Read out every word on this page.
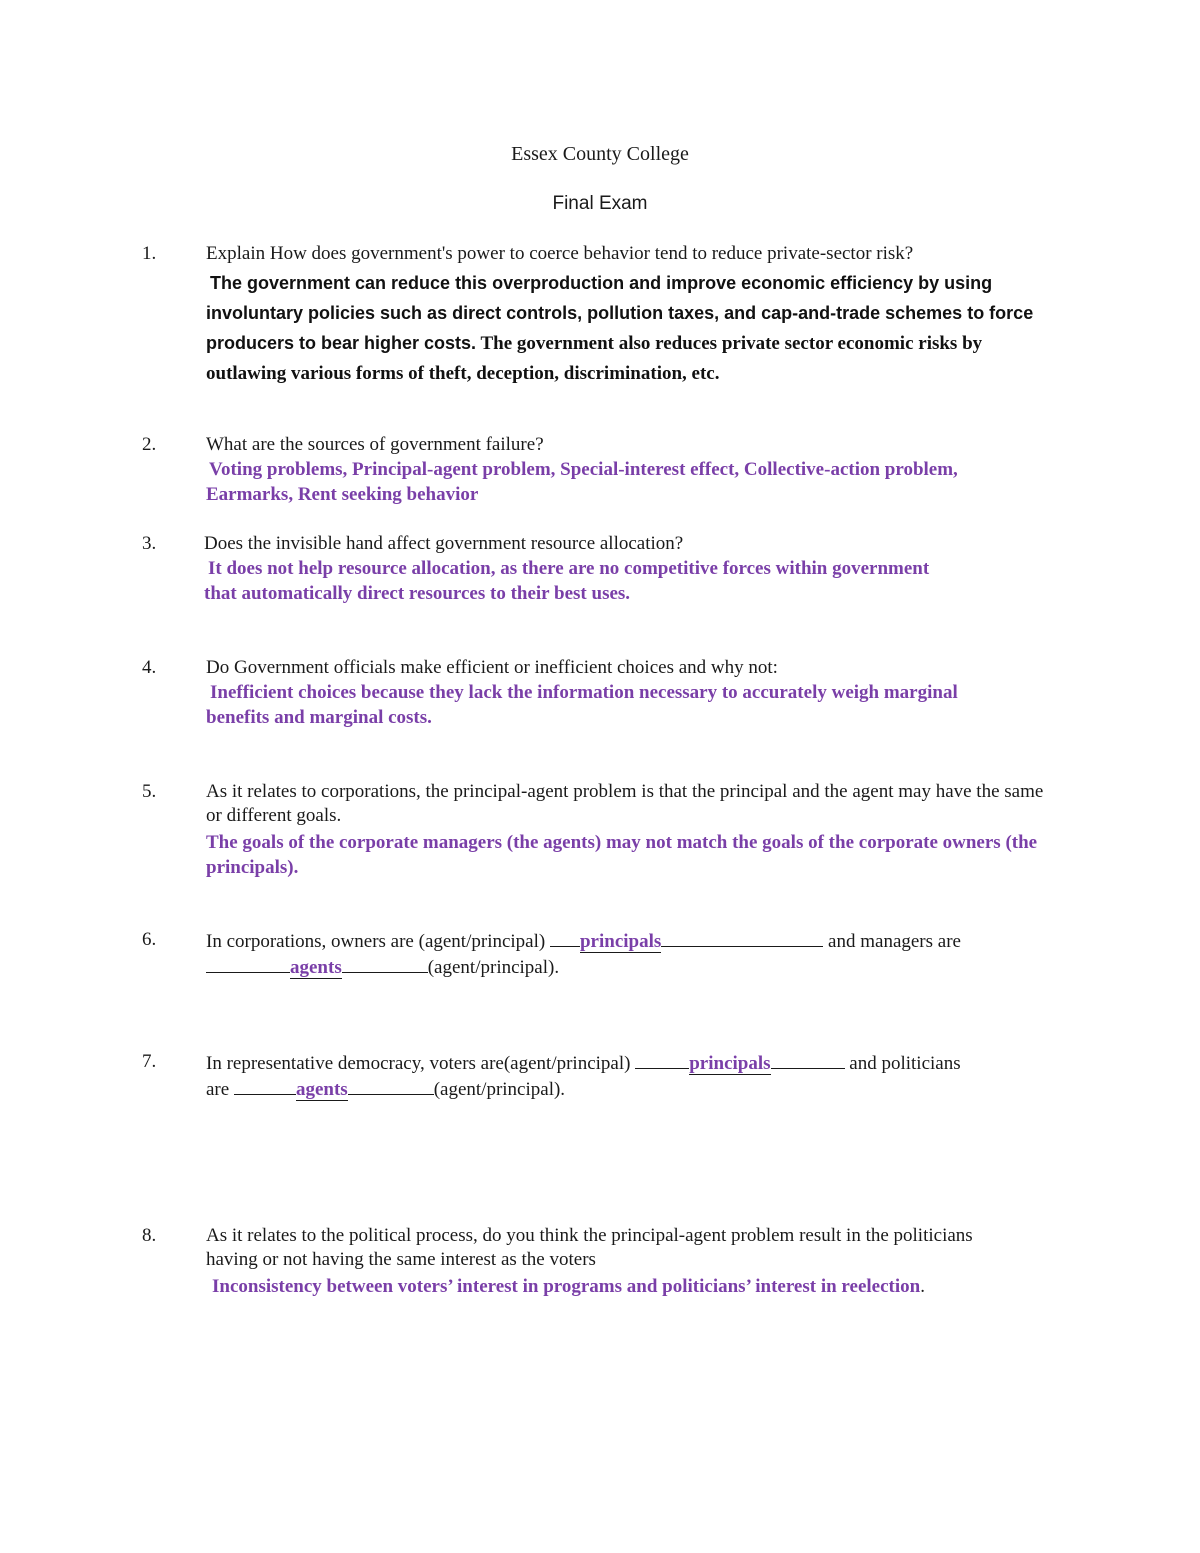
Essex County College
Final Exam
1.	Explain How does government's power to coerce behavior tend to reduce private-sector risk?
The government can reduce this overproduction and improve economic efficiency by using
involuntary policies such as direct controls, pollution taxes, and cap-and-trade schemes to force
producers to bear higher costs. The government also reduces private sector economic risks by
outlawing various forms of theft, deception, discrimination, etc.
2.	What are the sources of government failure?
Voting problems, Principal-agent problem, Special-interest effect, Collective-action problem, Earmarks, Rent seeking behavior
3.	Does the invisible hand affect government resource allocation?
It does not help resource allocation, as there are no competitive forces within government that automatically direct resources to their best uses.
4.	Do Government officials make efficient or inefficient choices and why not:
Inefficient choices because they lack the information necessary to accurately weigh marginal benefits and marginal costs.
5.	As it relates to corporations, the principal-agent problem is that the principal and the agent may have the same or different goals.
The goals of the corporate managers (the agents) may not match the goals of the corporate owners (the principals).
6.	In corporations, owners are (agent/principal) principals	and managers are
agents	(agent/principal).
7.	In representative democracy, voters are(agent/principal)	principals	and politicians
are	agents	(agent/principal).
8.	As it relates to the political process, do you think the principal-agent problem result in the politicians having or not having the same interest as the voters
Inconsistency between voters’ interest in programs and politicians’ interest in reelection.
